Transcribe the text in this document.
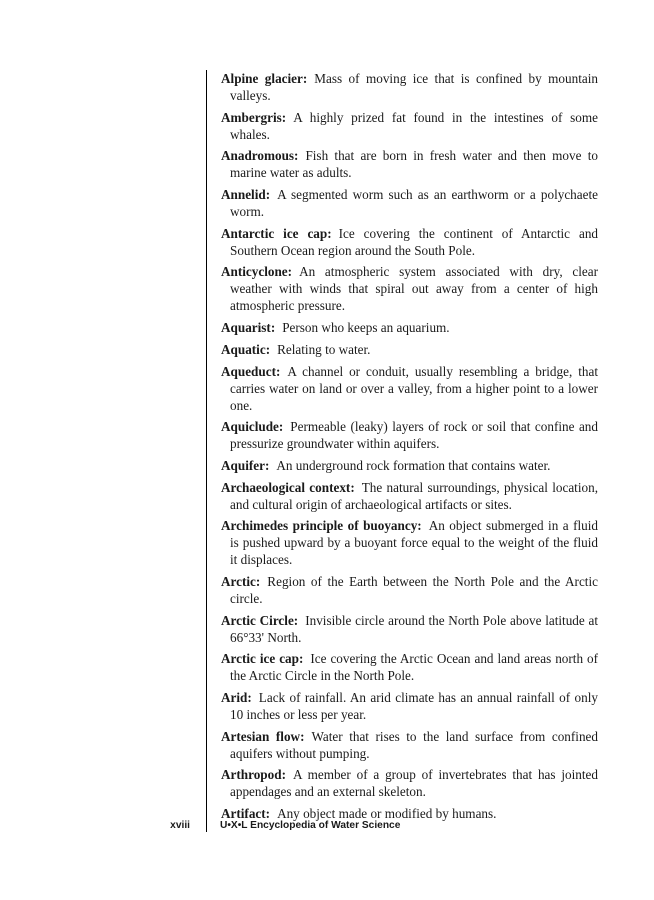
Alpine glacier: Mass of moving ice that is confined by mountain valleys.
Ambergris: A highly prized fat found in the intestines of some whales.
Anadromous: Fish that are born in fresh water and then move to marine water as adults.
Annelid: A segmented worm such as an earthworm or a polychaete worm.
Antarctic ice cap: Ice covering the continent of Antarctic and Southern Ocean region around the South Pole.
Anticyclone: An atmospheric system associated with dry, clear weather with winds that spiral out away from a center of high atmospheric pressure.
Aquarist: Person who keeps an aquarium.
Aquatic: Relating to water.
Aqueduct: A channel or conduit, usually resembling a bridge, that carries water on land or over a valley, from a higher point to a lower one.
Aquiclude: Permeable (leaky) layers of rock or soil that confine and pressurize groundwater within aquifers.
Aquifer: An underground rock formation that contains water.
Archaeological context: The natural surroundings, physical location, and cultural origin of archaeological artifacts or sites.
Archimedes principle of buoyancy: An object submerged in a fluid is pushed upward by a buoyant force equal to the weight of the fluid it displaces.
Arctic: Region of the Earth between the North Pole and the Arctic circle.
Arctic Circle: Invisible circle around the North Pole above latitude at 66°33' North.
Arctic ice cap: Ice covering the Arctic Ocean and land areas north of the Arctic Circle in the North Pole.
Arid: Lack of rainfall. An arid climate has an annual rainfall of only 10 inches or less per year.
Artesian flow: Water that rises to the land surface from confined aquifers without pumping.
Arthropod: A member of a group of invertebrates that has jointed appendages and an external skeleton.
Artifact: Any object made or modified by humans.
xviii	U•X•L Encyclopedia of Water Science
